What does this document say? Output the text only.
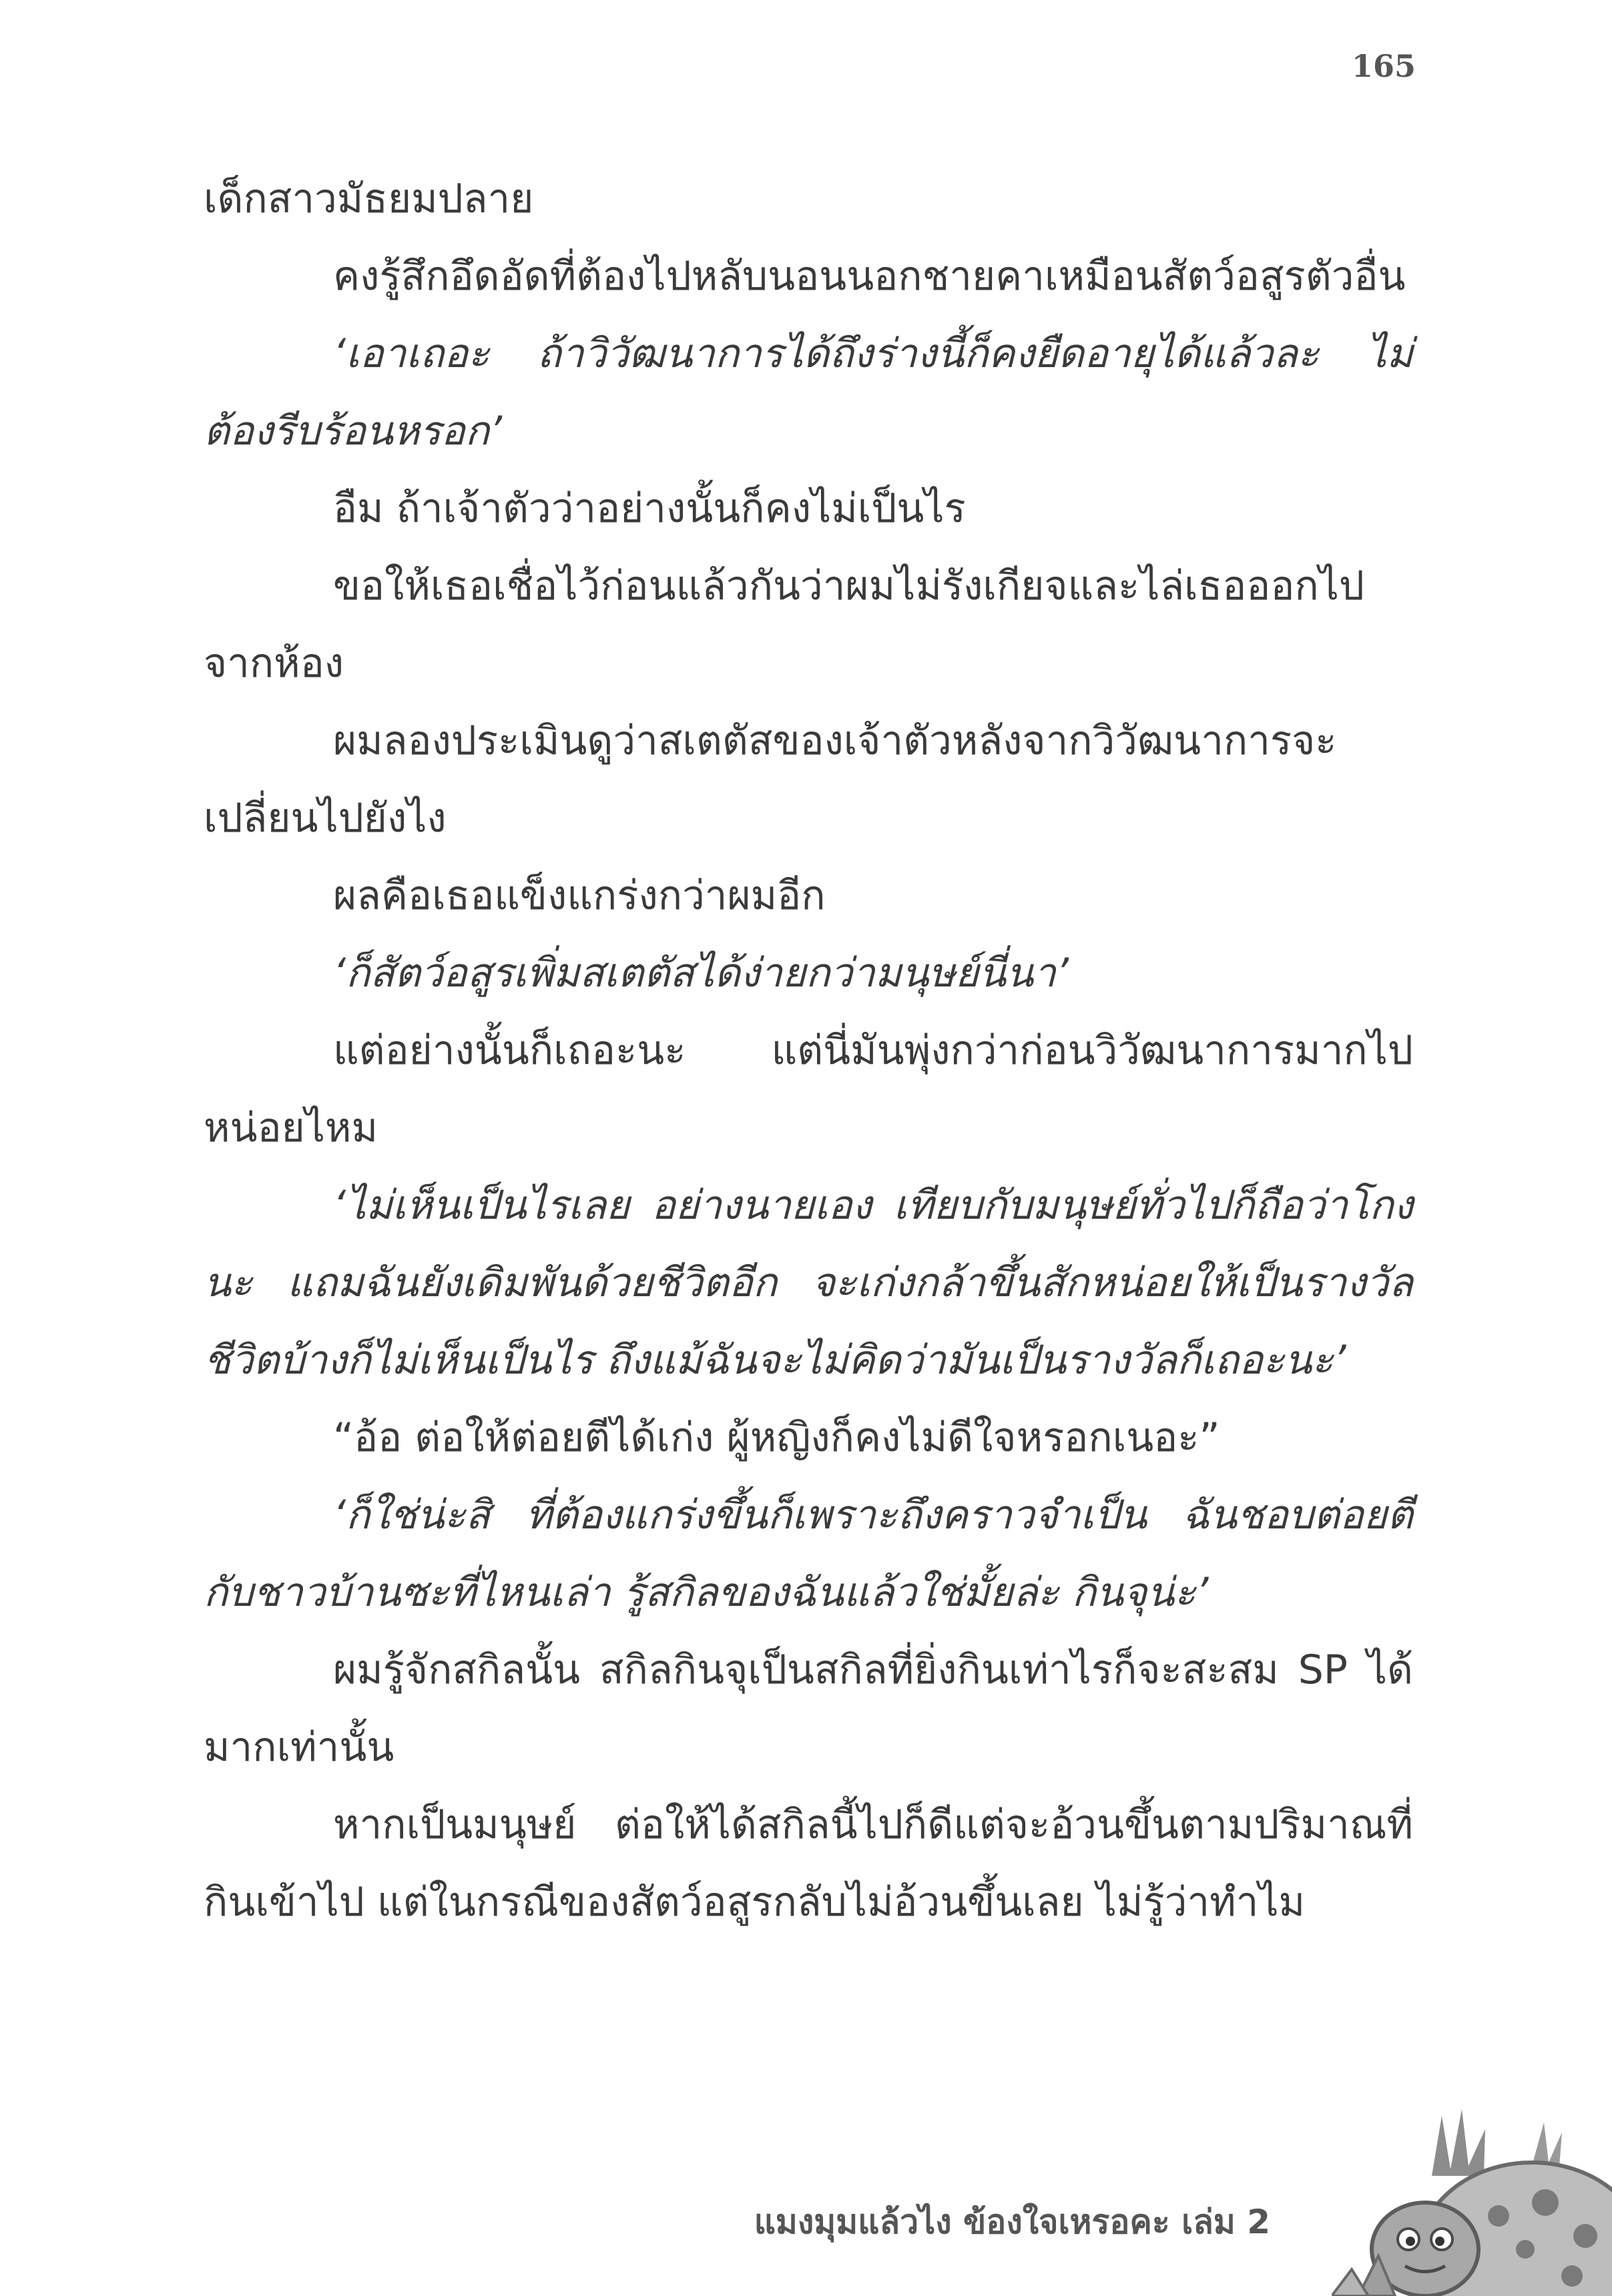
165

เด็กสาวมัธยมปลาย

คงรู้สึกอึดอัดที่ต้องไปหลับนอนนอกชายคาเหมือนสัตว์อสูรตัวอื่น

‘เอาเถอะ ถ้าวิวัฒนาการได้ถึงร่างนี้ก็คงยืดอายุได้แล้วละ ไม่ต้องรีบร้อนหรอก’

อืม ถ้าเจ้าตัวว่าอย่างนั้นก็คงไม่เป็นไร

ขอให้เธอเชื่อไว้ก่อนแล้วกันว่าผมไม่รังเกียจและไล่เธอออกไปจากห้อง

ผมลองประเมินดูว่าสเตตัสของเจ้าตัวหลังจากวิวัฒนาการจะเปลี่ยนไปยังไง

ผลคือเธอแข็งแกร่งกว่าผมอีก

‘ก็สัตว์อสูรเพิ่มสเตตัสได้ง่ายกว่ามนุษย์นี่นา’

แต่อย่างนั้นก็เถอะนะ แต่นี่มันพุ่งกว่าก่อนวิวัฒนาการมากไปหน่อยไหม

‘ไม่เห็นเป็นไรเลย อย่างนายเอง เทียบกับมนุษย์ทั่วไปก็ถือว่าโกงนะ แถมฉันยังเดิมพันด้วยชีวิตอีก จะเก่งกล้าขึ้นสักหน่อยให้เป็นรางวัลชีวิตบ้างก็ไม่เห็นเป็นไร ถึงแม้ฉันจะไม่คิดว่ามันเป็นรางวัลก็เถอะนะ’

“อ้อ ต่อให้ต่อยตีได้เก่ง ผู้หญิงก็คงไม่ดีใจหรอกเนอะ”

‘ก็ใช่น่ะสิ ที่ต้องแกร่งขึ้นก็เพราะถึงคราวจำเป็น ฉันชอบต่อยตีกับชาวบ้านซะที่ไหนเล่า รู้สกิลของฉันแล้วใช่มั้ยล่ะ กินจุน่ะ’

ผมรู้จักสกิลนั้น สกิลกินจุเป็นสกิลที่ยิ่งกินเท่าไรก็จะสะสม SP ได้มากเท่านั้น

หากเป็นมนุษย์ ต่อให้ได้สกิลนี้ไปก็ดีแต่จะอ้วนขึ้นตามปริมาณที่กินเข้าไป แต่ในกรณีของสัตว์อสูรกลับไม่อ้วนขึ้นเลย ไม่รู้ว่าทำไม

แมงมุมแล้วไง ข้องใจเหรอคะ เล่ม 2
